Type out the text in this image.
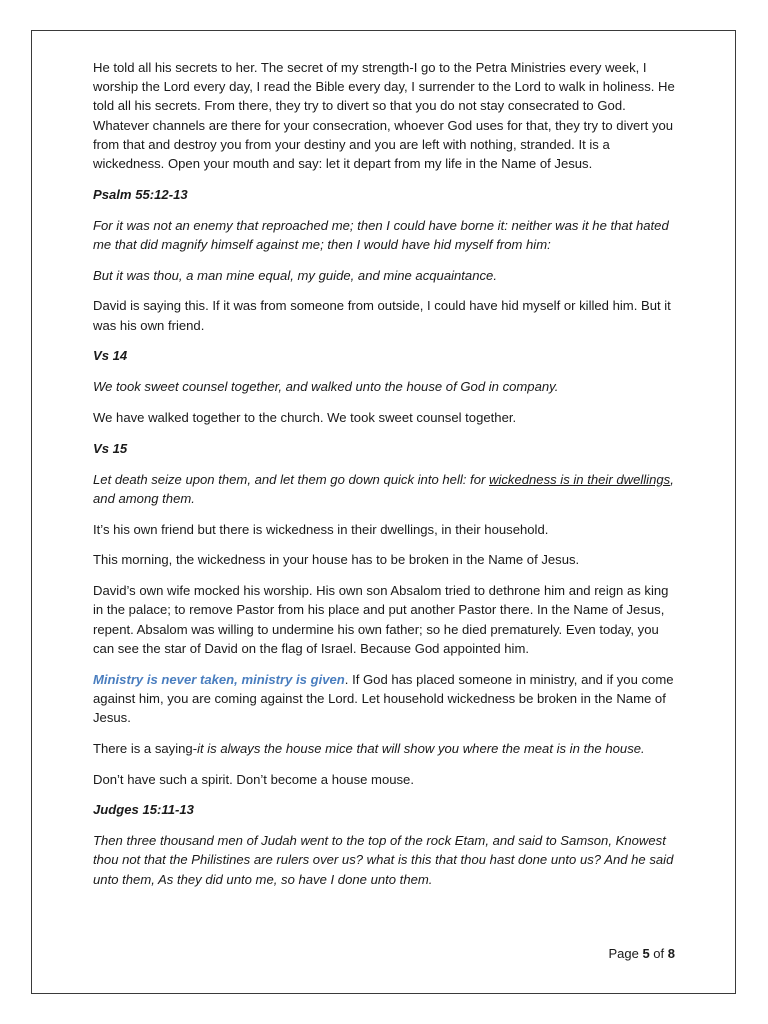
He told all his secrets to her. The secret of my strength-I go to the Petra Ministries every week, I worship the Lord every day, I read the Bible every day, I surrender to the Lord to walk in holiness. He told all his secrets. From there, they try to divert so that you do not stay consecrated to God. Whatever channels are there for your consecration, whoever God uses for that, they try to divert you from that and destroy you from your destiny and you are left with nothing, stranded. It is a wickedness. Open your mouth and say: let it depart from my life in the Name of Jesus.

Psalm 55:12-13

For it was not an enemy that reproached me; then I could have borne it: neither was it he that hated me that did magnify himself against me; then I would have hid myself from him:

But it was thou, a man mine equal, my guide, and mine acquaintance.

David is saying this. If it was from someone from outside, I could have hid myself or killed him. But it was his own friend.

Vs 14

We took sweet counsel together, and walked unto the house of God in company.

We have walked together to the church. We took sweet counsel together.

Vs 15

Let death seize upon them, and let them go down quick into hell: for wickedness is in their dwellings, and among them.

It’s his own friend but there is wickedness in their dwellings, in their household.

This morning, the wickedness in your house has to be broken in the Name of Jesus.

David’s own wife mocked his worship. His own son Absalom tried to dethrone him and reign as king in the palace; to remove Pastor from his place and put another Pastor there. In the Name of Jesus, repent. Absalom was willing to undermine his own father; so he died prematurely. Even today, you can see the star of David on the flag of Israel. Because God appointed him.

Ministry is never taken, ministry is given. If God has placed someone in ministry, and if you come against him, you are coming against the Lord. Let household wickedness be broken in the Name of Jesus.

There is a saying-it is always the house mice that will show you where the meat is in the house.

Don’t have such a spirit. Don’t become a house mouse.

Judges 15:11-13

Then three thousand men of Judah went to the top of the rock Etam, and said to Samson, Knowest thou not that the Philistines are rulers over us? what is this that thou hast done unto us? And he said unto them, As they did unto me, so have I done unto them.

Page 5 of 8
